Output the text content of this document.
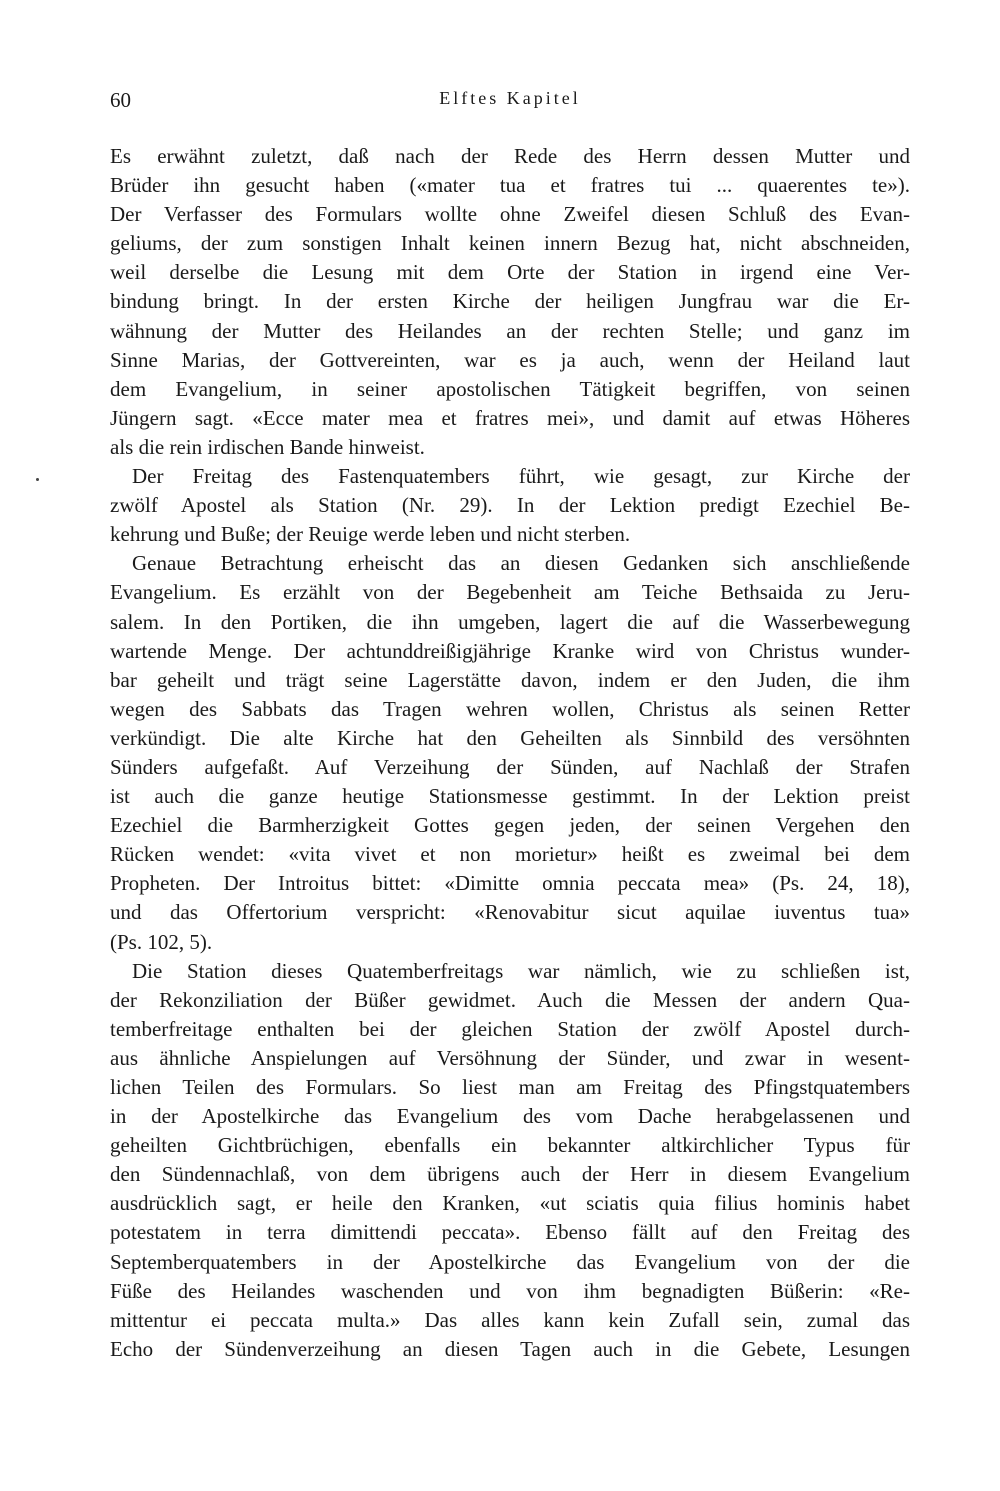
60	Elftes Kapitel
Es erwähnt zuletzt, daß nach der Rede des Herrn dessen Mutter und
Brüder ihn gesucht haben («mater tua et fratres tui ... quaerentes te»).
Der Verfasser des Formulars wollte ohne Zweifel diesen Schluß des Evan-
geliums, der zum sonstigen Inhalt keinen innern Bezug hat, nicht abschneiden,
weil derselbe die Lesung mit dem Orte der Station in irgend eine Ver-
bindung bringt. In der ersten Kirche der heiligen Jungfrau war die Er-
wähnung der Mutter des Heilandes an der rechten Stelle; und ganz im
Sinne Marias, der Gottvereinten, war es ja auch, wenn der Heiland laut
dem Evangelium, in seiner apostolischen Tätigkeit begriffen, von seinen
Jüngern sagt. «Ecce mater mea et fratres mei», und damit auf etwas Höheres
als die rein irdischen Bande hinweist.
Der Freitag des Fastenquatembers führt, wie gesagt, zur Kirche der
zwölf Apostel als Station (Nr. 29). In der Lektion predigt Ezechiel Be-
kehrung und Buße; der Reuige werde leben und nicht sterben.
Genaue Betrachtung erheischt das an diesen Gedanken sich anschließende
Evangelium. Es erzählt von der Begebenheit am Teiche Bethsaida zu Jeru-
salem. In den Portiken, die ihn umgeben, lagert die auf die Wasserbewegung
wartende Menge. Der achtunddreißigjährige Kranke wird von Christus wunder-
bar geheilt und trägt seine Lagerstätte davon, indem er den Juden, die ihm
wegen des Sabbats das Tragen wehren wollen, Christus als seinen Retter
verkündigt. Die alte Kirche hat den Geheilten als Sinnbild des versöhnten
Sünders aufgefaßt. Auf Verzeihung der Sünden, auf Nachlaß der Strafen
ist auch die ganze heutige Stationsmesse gestimmt. In der Lektion preist
Ezechiel die Barmherzigkeit Gottes gegen jeden, der seinen Vergehen den
Rücken wendet: «vita vivet et non morietur» heißt es zweimal bei dem
Propheten. Der Introitus bittet: «Dimitte omnia peccata mea» (Ps. 24, 18),
und das Offertorium verspricht: «Renovabitur sicut aquilae iuventus tua»
(Ps. 102, 5).
Die Station dieses Quatemberfreitags war nämlich, wie zu schließen ist,
der Rekonziliation der Büßer gewidmet. Auch die Messen der andern Qua-
temberfreitage enthalten bei der gleichen Station der zwölf Apostel durch-
aus ähnliche Anspielungen auf Versöhnung der Sünder, und zwar in wesent-
lichen Teilen des Formulars. So liest man am Freitag des Pfingstquatembers
in der Apostelkirche das Evangelium des vom Dache herabgelassenen und
geheilten Gichtbrüchigen, ebenfalls ein bekannter altkirchlicher Typus für
den Sündennachlaß, von dem übrigens auch der Herr in diesem Evangelium
ausdrücklich sagt, er heile den Kranken, «ut sciatis quia filius hominis habet
potestatem in terra dimittendi peccata». Ebenso fällt auf den Freitag des
Septemberquatembers in der Apostelkirche das Evangelium von der die
Füße des Heilandes waschenden und von ihm begnadigten Büßerin: «Re-
mittentur ei peccata multa.» Das alles kann kein Zufall sein, zumal das
Echo der Sündenverzeihung an diesen Tagen auch in die Gebete, Lesungen
